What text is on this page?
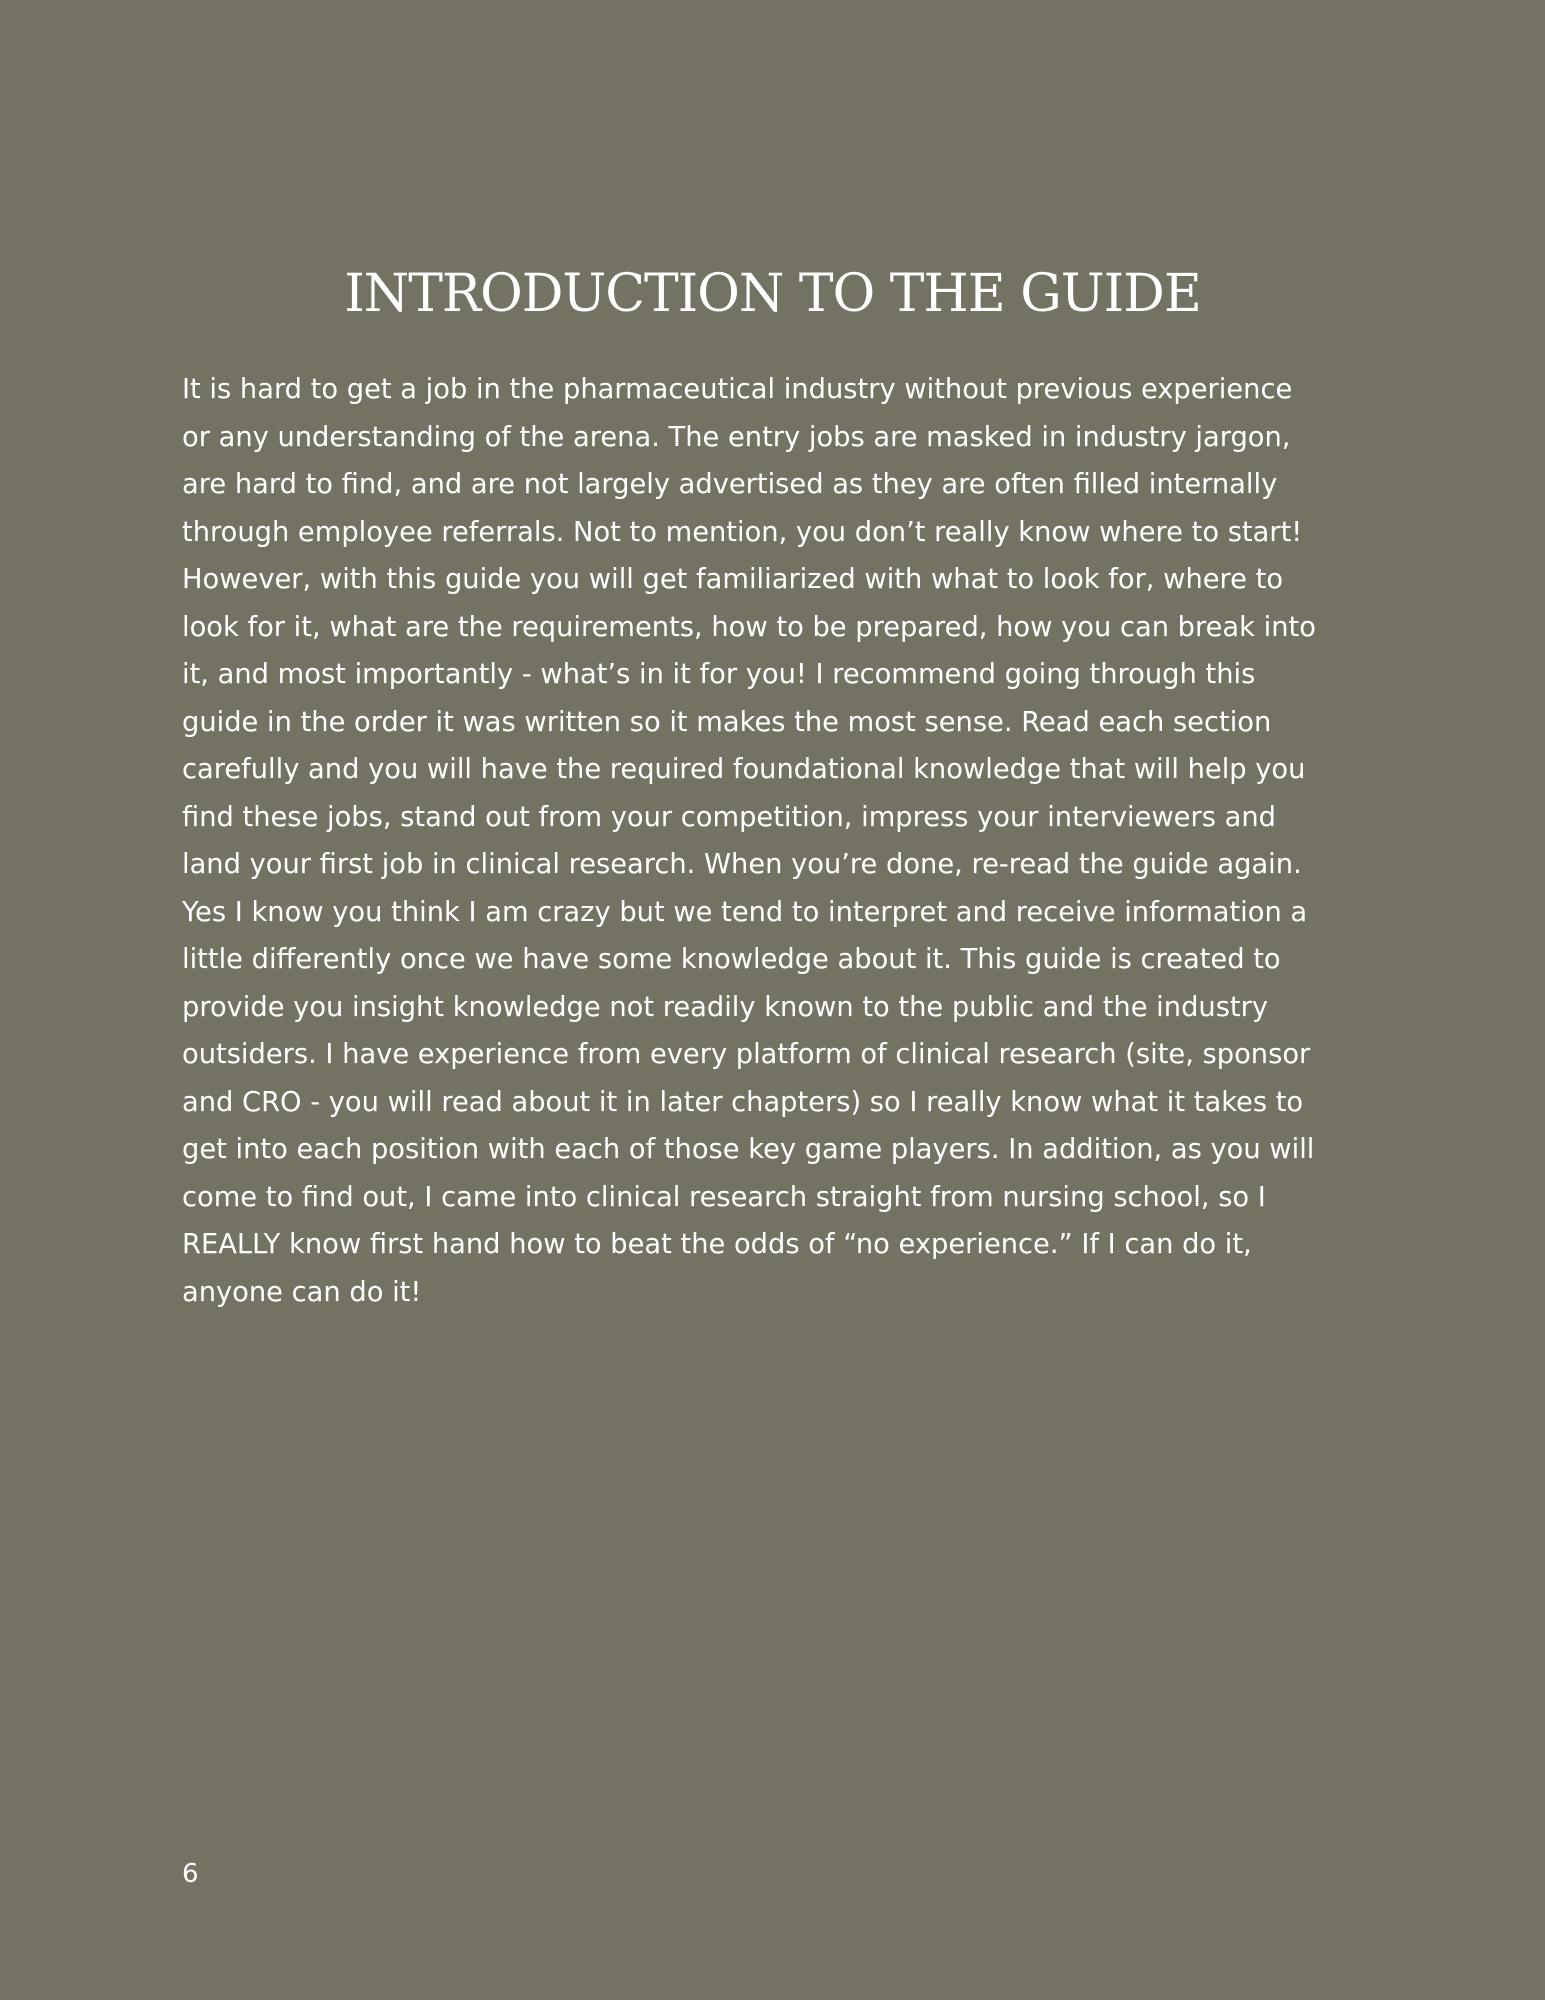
INTRODUCTION TO THE GUIDE

It is hard to get a job in the pharmaceutical industry without previous experience
or any understanding of the arena. The entry jobs are masked in industry jargon,
are hard to find, and are not largely advertised as they are often filled internally
through employee referrals. Not to mention, you don’t really know where to start!
However, with this guide you will get familiarized with what to look for, where to
look for it, what are the requirements, how to be prepared, how you can break into
it, and most importantly - what’s in it for you! I recommend going through this
guide in the order it was written so it makes the most sense. Read each section
carefully and you will have the required foundational knowledge that will help you
find these jobs, stand out from your competition, impress your interviewers and
land your first job in clinical research. When you’re done, re-read the guide again.
Yes I know you think I am crazy but we tend to interpret and receive information a
little differently once we have some knowledge about it. This guide is created to
provide you insight knowledge not readily known to the public and the industry
outsiders. I have experience from every platform of clinical research (site, sponsor
and CRO - you will read about it in later chapters) so I really know what it takes to
get into each position with each of those key game players. In addition, as you will
come to find out, I came into clinical research straight from nursing school, so I
REALLY know first hand how to beat the odds of “no experience.” If I can do it,
anyone can do it!

6
